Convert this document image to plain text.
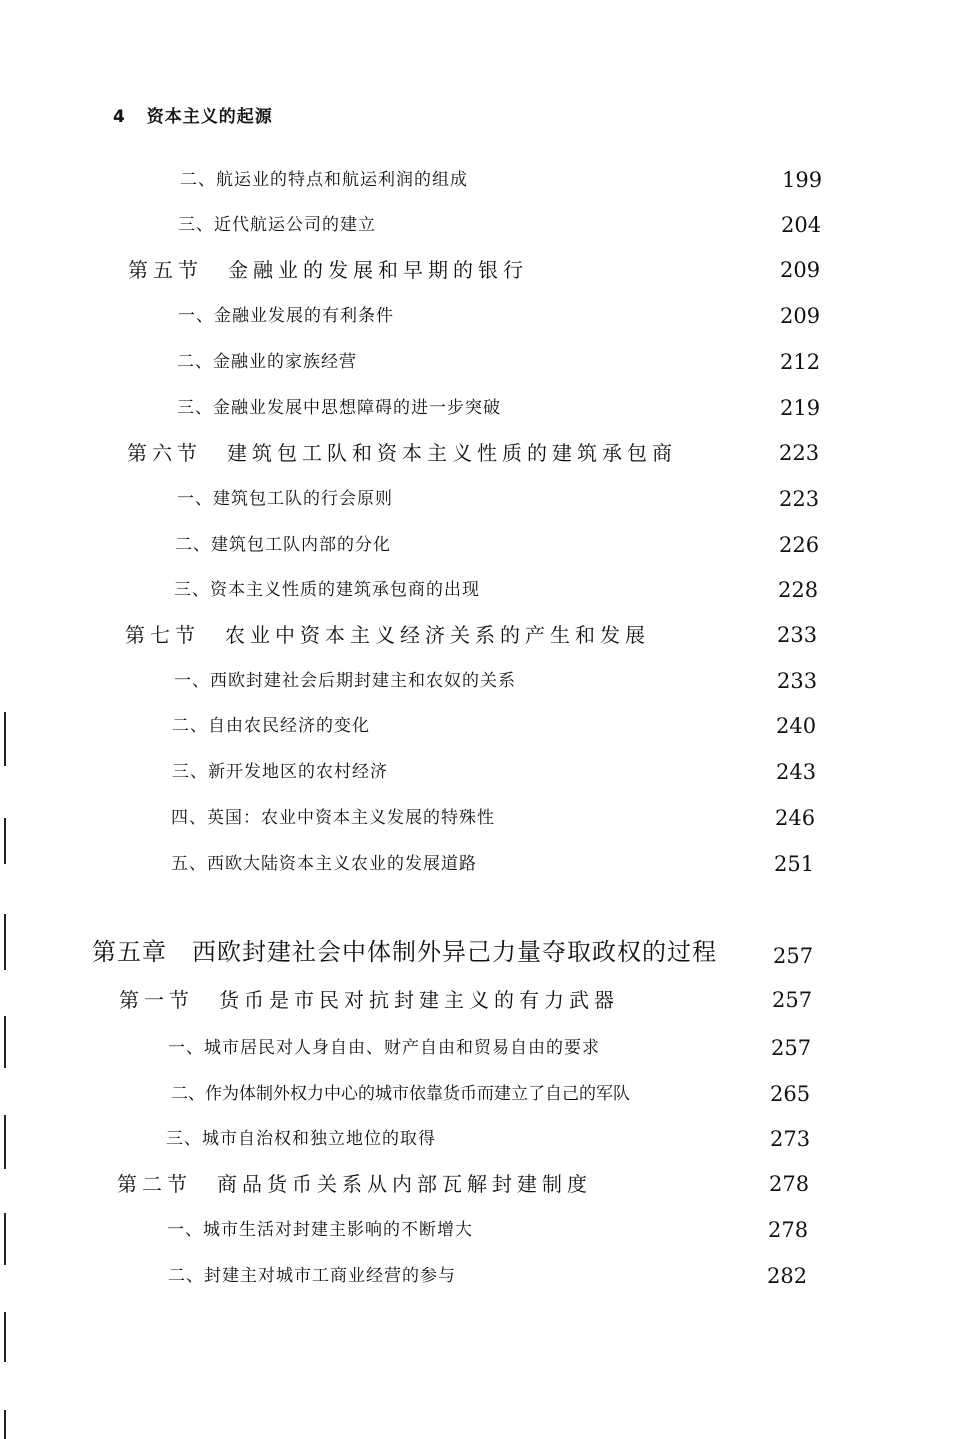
4 资本主义的起源
二、航运业的特点和航运利润的组成	199
三、近代航运公司的建立	204
第五节　金融业的发展和早期的银行	209
一、金融业发展的有利条件	209
二、金融业的家族经营	212
三、金融业发展中思想障碍的进一步突破	219
第六节　建筑包工队和资本主义性质的建筑承包商	223
一、建筑包工队的行会原则	223
二、建筑包工队内部的分化	226
三、资本主义性质的建筑承包商的出现	228
第七节　农业中资本主义经济关系的产生和发展	233
一、西欧封建社会后期封建主和农奴的关系	233
二、自由农民经济的变化	240
三、新开发地区的农村经济	243
四、英国：农业中资本主义发展的特殊性	246
五、西欧大陆资本主义农业的发展道路	251
第五章　西欧封建社会中体制外异己力量夺取政权的过程	257
第一节　货币是市民对抗封建主义的有力武器	257
一、城市居民对人身自由、财产自由和贸易自由的要求	257
二、作为体制外权力中心的城市依靠货币而建立了自己的军队	265
三、城市自治权和独立地位的取得	273
第二节　商品货币关系从内部瓦解封建制度	278
一、城市生活对封建主影响的不断增大	278
二、封建主对城市工商业经营的参与	282
